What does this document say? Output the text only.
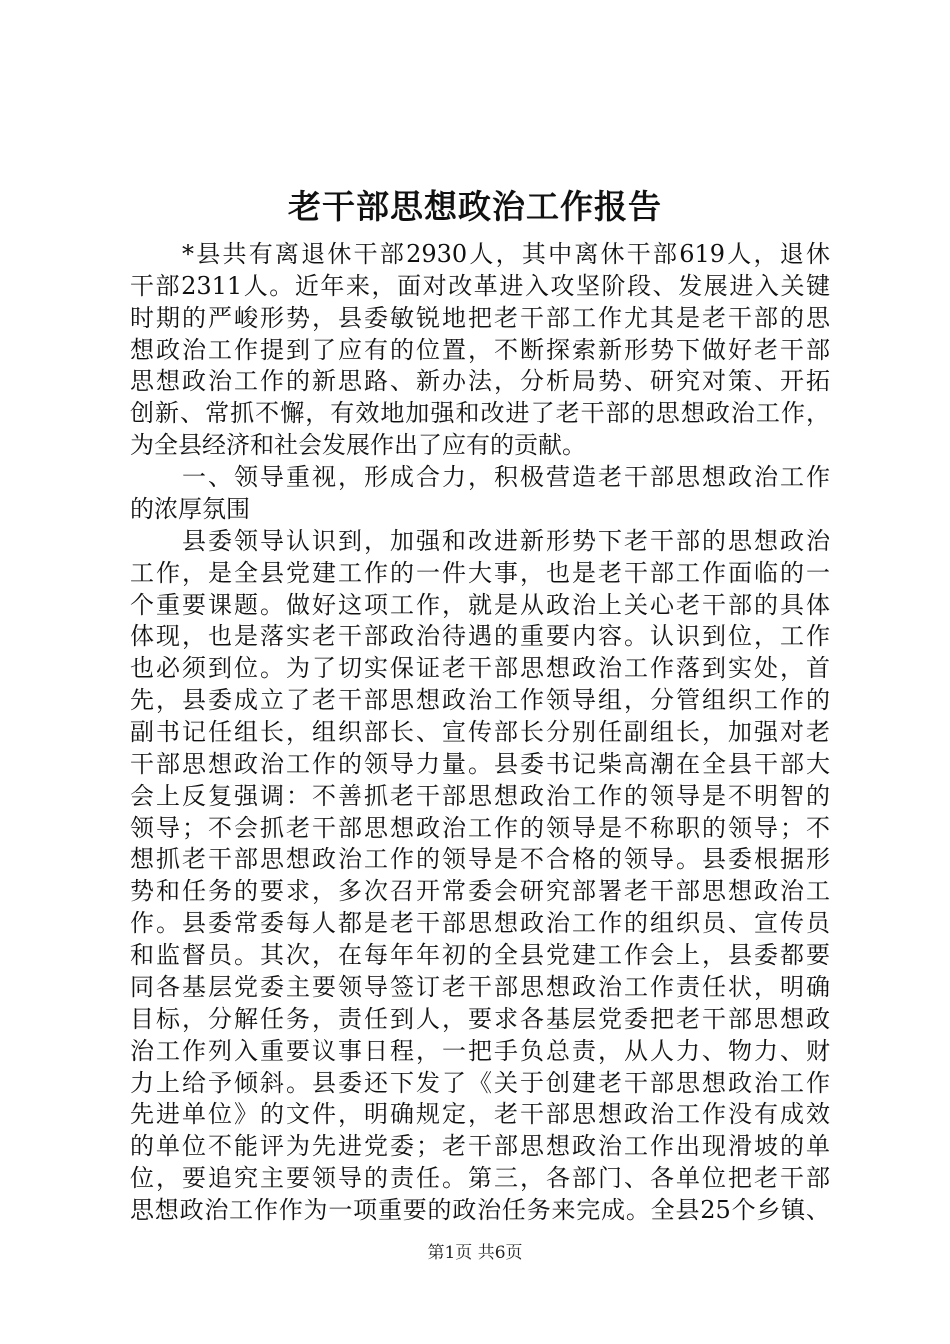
老干部思想政治工作报告
*县共有离退休干部2930人，其中离休干部619人，退休
干部2311人。近年来，面对改革进入攻坚阶段、发展进入关键
时期的严峻形势，县委敏锐地把老干部工作尤其是老干部的思
想政治工作提到了应有的位置，不断探索新形势下做好老干部
思想政治工作的新思路、新办法，分析局势、研究对策、开拓
创新、常抓不懈，有效地加强和改进了老干部的思想政治工作，
为全县经济和社会发展作出了应有的贡献。
一、领导重视，形成合力，积极营造老干部思想政治工作
的浓厚氛围
县委领导认识到，加强和改进新形势下老干部的思想政治
工作，是全县党建工作的一件大事，也是老干部工作面临的一
个重要课题。做好这项工作，就是从政治上关心老干部的具体
体现，也是落实老干部政治待遇的重要内容。认识到位，工作
也必须到位。为了切实保证老干部思想政治工作落到实处，首
先，县委成立了老干部思想政治工作领导组，分管组织工作的
副书记任组长，组织部长、宣传部长分别任副组长，加强对老
干部思想政治工作的领导力量。县委书记柴高潮在全县干部大
会上反复强调：不善抓老干部思想政治工作的领导是不明智的
领导；不会抓老干部思想政治工作的领导是不称职的领导；不
想抓老干部思想政治工作的领导是不合格的领导。县委根据形
势和任务的要求，多次召开常委会研究部署老干部思想政治工
作。县委常委每人都是老干部思想政治工作的组织员、宣传员
和监督员。其次，在每年年初的全县党建工作会上，县委都要
同各基层党委主要领导签订老干部思想政治工作责任状，明确
目标，分解任务，责任到人，要求各基层党委把老干部思想政
治工作列入重要议事日程，一把手负总责，从人力、物力、财
力上给予倾斜。县委还下发了《关于创建老干部思想政治工作
先进单位》的文件，明确规定，老干部思想政治工作没有成效
的单位不能评为先进党委；老干部思想政治工作出现滑坡的单
位，要追究主要领导的责任。第三，各部门、各单位把老干部
思想政治工作作为一项重要的政治任务来完成。全县25个乡镇、
第1页 共6页
